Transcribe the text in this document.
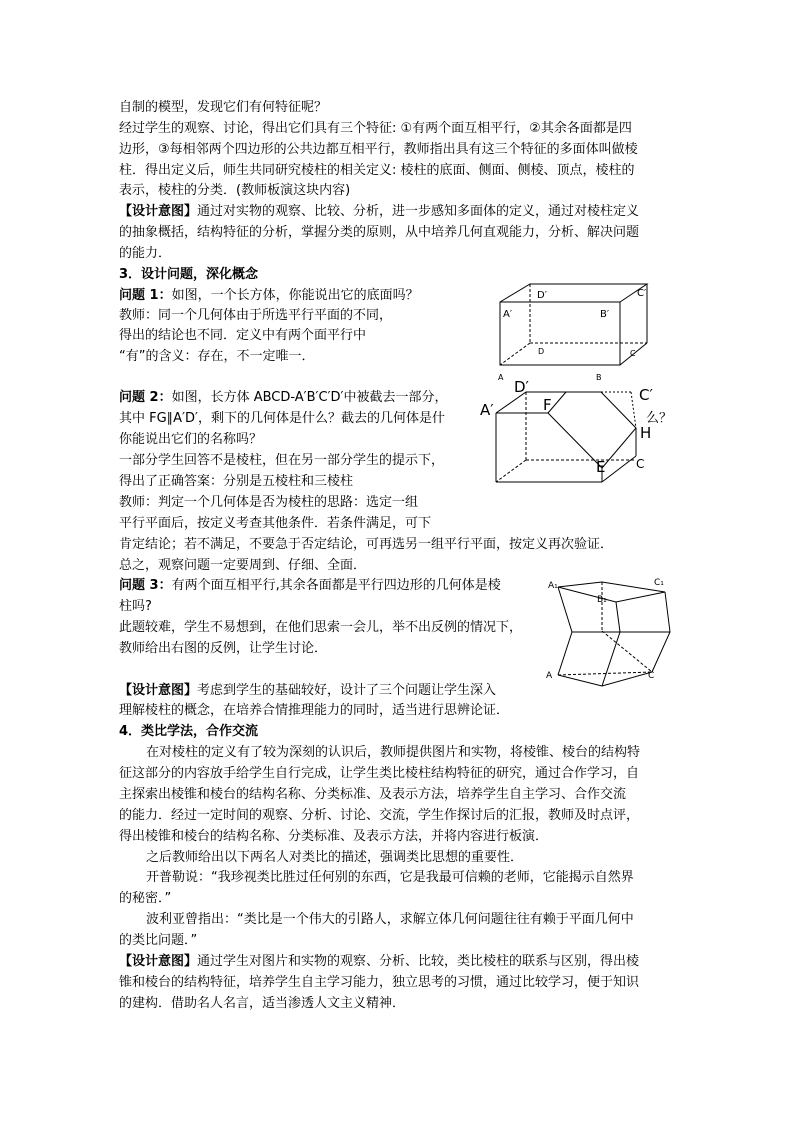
自制的模型，发现它们有何特征呢？
经过学生的观察、讨论，得出它们具有三个特征: ①有两个面互相平行，②其余各面都是四
边形，③每相邻两个四边形的公共边都互相平行，教师指出具有这三个特征的多面体叫做棱
柱．得出定义后，师生共同研究棱柱的相关定义: 棱柱的底面、侧面、侧棱、顶点，棱柱的
表示，棱柱的分类．(教师板演这块内容)
【设计意图】通过对实物的观察、比较、分析，进一步感知多面体的定义，通过对棱柱定义
的抽象概括，结构特征的分析，掌握分类的原则，从中培养几何直观能力，分析、解决问题
的能力．
3．设计问题，深化概念
问题 1：如图，一个长方体，你能说出它的底面吗？
教师：同一个几何体由于所选平行平面的不同，
得出的结论也不同．定义中有两个面平行中
“有”的含义：存在，不一定唯一．
D′	C′
A′	B′
D	C
A	B
问题 2：如图，长方体 ABCD-A′B′C′D′中被截去一部分，
其中 FG∥A′D′，剩下的几何体是什么？截去的几何体是什	么？
你能说出它们的名称吗？
一部分学生回答不是棱柱，但在另一部分学生的提示下，
得出了正确答案：分别是五棱柱和三棱柱
教师：判定一个几何体是否为棱柱的思路：选定一组
平行平面后，按定义考查其他条件．若条件满足，可下
肯定结论；若不满足，不要急于否定结论，可再选另一组平行平面，按定义再次验证．
总之，观察问题一定要周到、仔细、全面．
D′	C′
A′	F
H
E	C
问题 3：有两个面互相平行,其余各面都是平行四边形的几何体是棱
柱吗?
此题较难，学生不易想到，在他们思索一会儿，举不出反例的情况下，
教师给出右图的反例，让学生讨论．
A₁	C₁
B₁
A	C
【设计意图】考虑到学生的基础较好，设计了三个问题让学生深入
理解棱柱的概念，在培养合情推理能力的同时，适当进行思辨论证．
4．类比学法，合作交流
在对棱柱的定义有了较为深刻的认识后，教师提供图片和实物，将棱锥、棱台的结构特
征这部分的内容放手给学生自行完成，让学生类比棱柱结构特征的研究，通过合作学习，自
主探索出棱锥和棱台的结构名称、分类标准、及表示方法，培养学生自主学习、合作交流
的能力．经过一定时间的观察、分析、讨论、交流，学生作探讨后的汇报，教师及时点评，
得出棱锥和棱台的结构名称、分类标准、及表示方法，并将内容进行板演．
之后教师给出以下两名人对类比的描述，强调类比思想的重要性．
开普勒说：“我珍视类比胜过任何别的东西，它是我最可信赖的老师，它能揭示自然界
的秘密．”
波利亚曾指出：“类比是一个伟大的引路人，求解立体几何问题往往有赖于平面几何中
的类比问题．”
【设计意图】通过学生对图片和实物的观察、分析、比较，类比棱柱的联系与区别，得出棱
锥和棱台的结构特征，培养学生自主学习能力，独立思考的习惯，通过比较学习，便于知识
的建构．借助名人名言，适当渗透人文主义精神．
